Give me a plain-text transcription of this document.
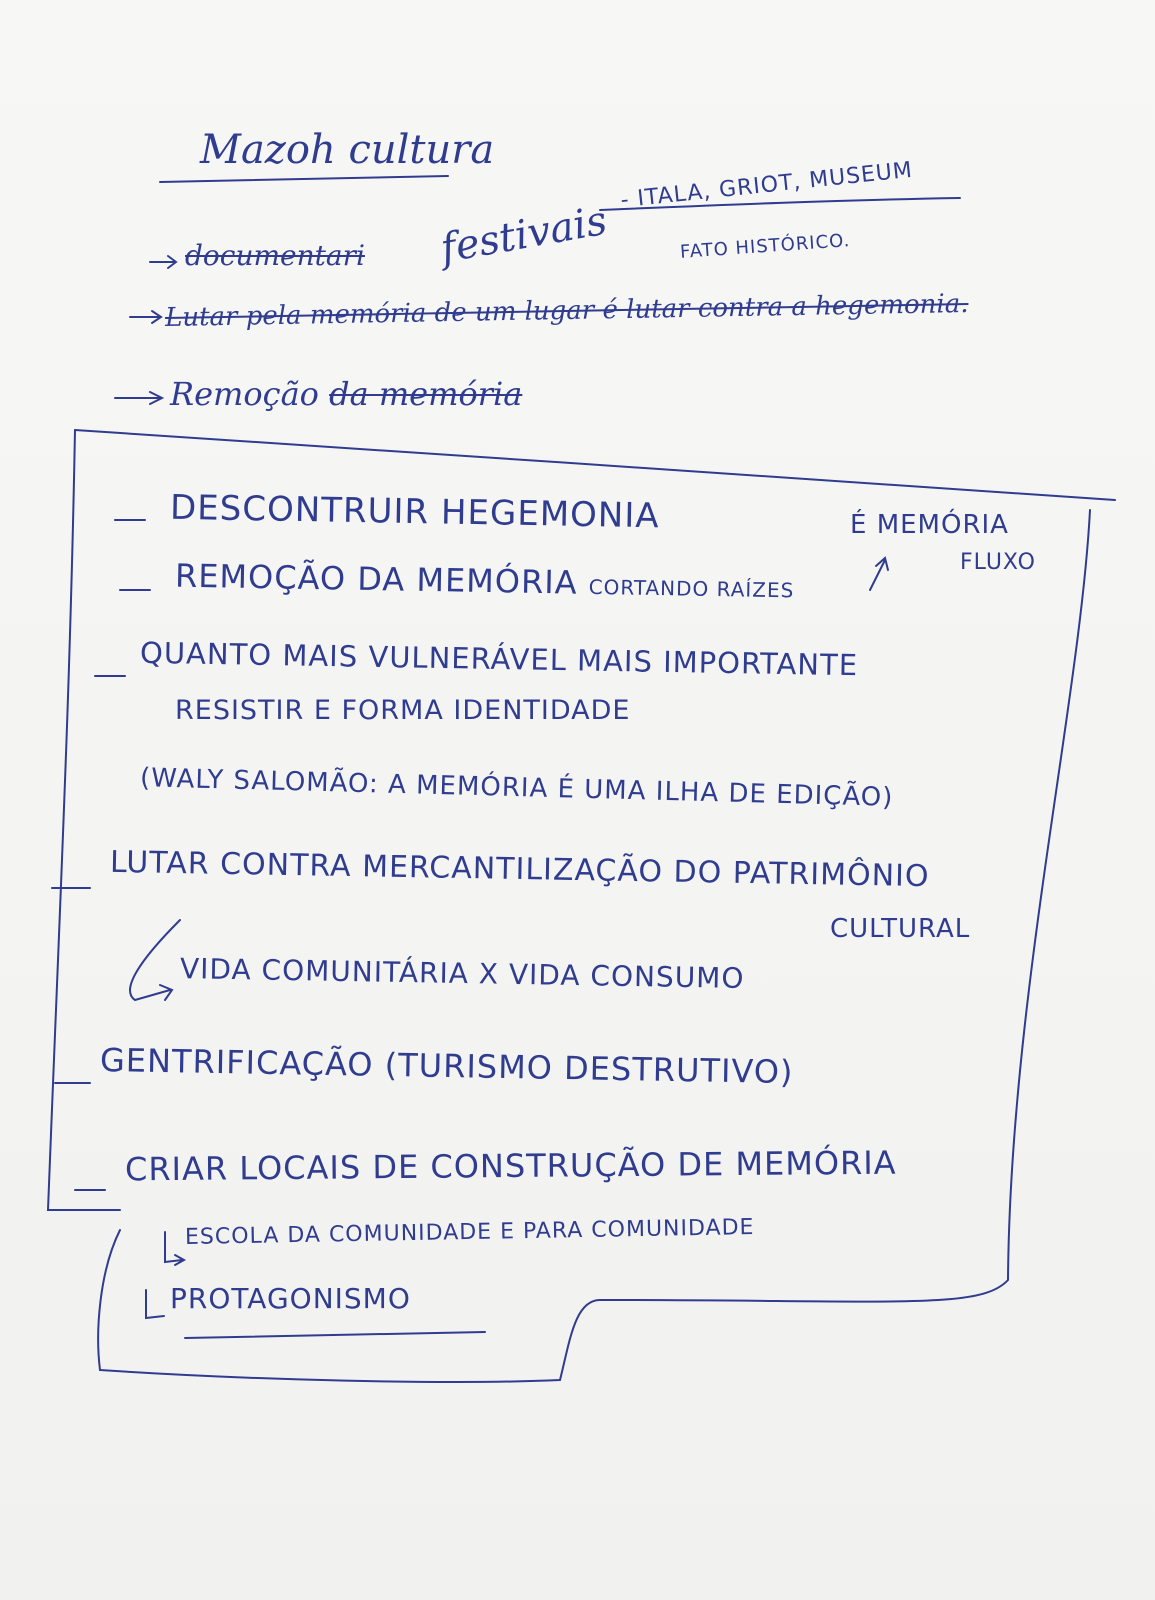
Mazoh cultura
documentari festivais
- ITALA, GRIOT, MUSEUM
FATO HISTÓRICO.
Lutar pela memória de um lugar é lutar contra a hegemonia.
Remoção da memória
DESCONTRUIR HEGEMONIA
REMOÇÃO DA MEMÓRIA CORTANDO RAÍZES
É MEMÓRIA
FLUXO
QUANTO MAIS VULNERÁVEL MAIS IMPORTANTE
RESISTIR E FORMA IDENTIDADE
(WALY SALOMÃO: A MEMÓRIA É UMA ILHA DE EDIÇÃO)
LUTAR CONTRA MERCANTILIZAÇÃO DO PATRIMÔNIO
CULTURAL
VIDA COMUNITÁRIA X VIDA CONSUMO
GENTRIFICAÇÃO (TURISMO DESTRUTIVO)
CRIAR LOCAIS DE CONSTRUÇÃO DE MEMÓRIA
ESCOLA DA COMUNIDADE E PARA COMUNIDADE
PROTAGONISMO
